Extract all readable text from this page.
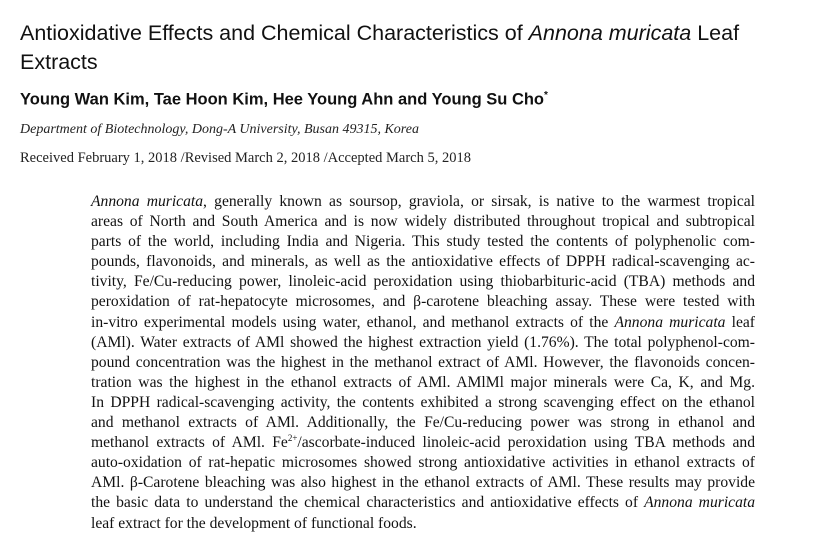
Antioxidative Effects and Chemical Characteristics of Annona muricata Leaf
Extracts
Young Wan Kim, Tae Hoon Kim, Hee Young Ahn and Young Su Cho*
Department of Biotechnology, Dong-A University, Busan 49315, Korea
Received February 1, 2018 /Revised March 2, 2018 /Accepted March 5, 2018
Annona muricata, generally known as soursop, graviola, or sirsak, is native to the warmest tropical
areas of North and South America and is now widely distributed throughout tropical and subtropical
parts of the world, including India and Nigeria. This study tested the contents of polyphenolic com-
pounds, flavonoids, and minerals, as well as the antioxidative effects of DPPH radical-scavenging ac-
tivity, Fe/Cu-reducing power, linoleic-acid peroxidation using thiobarbituric-acid (TBA) methods and
peroxidation of rat-hepatocyte microsomes, and β-carotene bleaching assay. These were tested with
in-vitro experimental models using water, ethanol, and methanol extracts of the Annona muricata leaf
(AMl). Water extracts of AMl showed the highest extraction yield (1.76%). The total polyphenol-com-
pound concentration was the highest in the methanol extract of AMl. However, the flavonoids concen-
tration was the highest in the ethanol extracts of AMl. AMlMl major minerals were Ca, K, and Mg.
In DPPH radical-scavenging activity, the contents exhibited a strong scavenging effect on the ethanol
and methanol extracts of AMl. Additionally, the Fe/Cu-reducing power was strong in ethanol and
methanol extracts of AMl. $Fe^{2+}/ascorbate$-induced linoleic-acid peroxidation using TBA methods and
auto-oxidation of rat-hepatic microsomes showed strong antioxidative activities in ethanol extracts of
AMl. β-Carotene bleaching was also highest in the ethanol extracts of AMl. These results may provide
the basic data to understand the chemical characteristics and antioxidative effects of Annona muricata
leaf extract for the development of functional foods.
